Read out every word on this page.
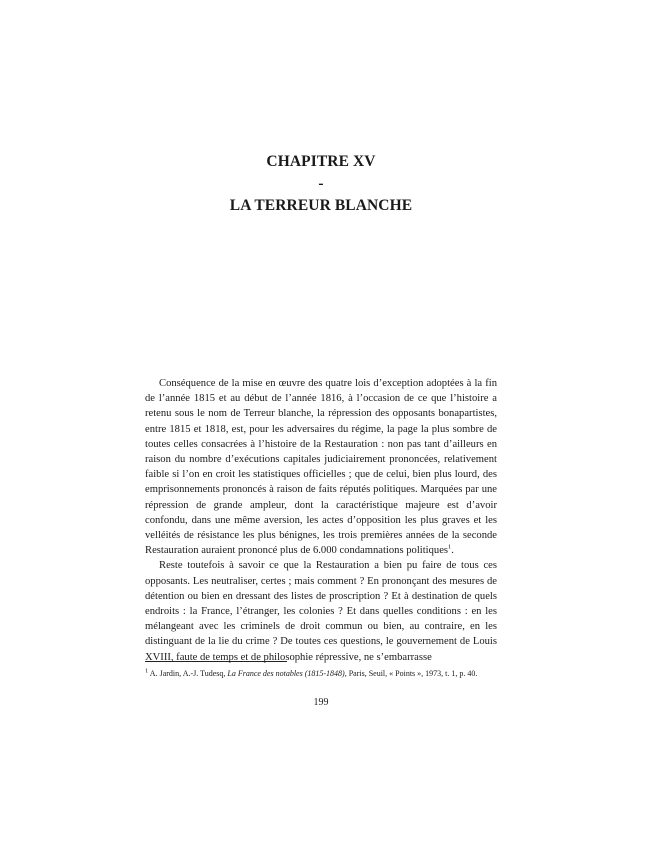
CHAPITRE XV
-
LA TERREUR BLANCHE

Conséquence de la mise en œuvre des quatre lois d’exception adoptées à la fin de l’année 1815 et au début de l’année 1816, à l’occasion de ce que l’histoire a retenu sous le nom de Terreur blanche, la répression des opposants bonapartistes, entre 1815 et 1818, est, pour les adversaires du régime, la page la plus sombre de toutes celles consacrées à l’histoire de la Restauration : non pas tant d’ailleurs en raison du nombre d’exécutions capitales judiciairement prononcées, relativement faible si l’on en croit les statistiques officielles ; que de celui, bien plus lourd, des emprisonnements prononcés à raison de faits réputés politiques. Marquées par une répression de grande ampleur, dont la caractéristique majeure est d’avoir confondu, dans une même aversion, les actes d’opposition les plus graves et les velléités de résistance les plus bénignes, les trois premières années de la seconde Restauration auraient prononcé plus de 6.000 condamnations politiques$^1$.

Reste toutefois à savoir ce que la Restauration a bien pu faire de tous ces opposants. Les neutraliser, certes ; mais comment ? En prononçant des mesures de détention ou bien en dressant des listes de proscription ? Et à destination de quels endroits : la France, l’étranger, les colonies ? Et dans quelles conditions : en les mélangeant avec les criminels de droit commun ou bien, au contraire, en les distinguant de la lie du crime ? De toutes ces questions, le gouvernement de Louis XVIII, faute de temps et de philosophie répressive, ne s’embarrasse

$^1$ A. Jardin, A.-J. Tudesq, La France des notables (1815-1848), Paris, Seuil, « Points », 1973, t. 1, p. 40.
199
